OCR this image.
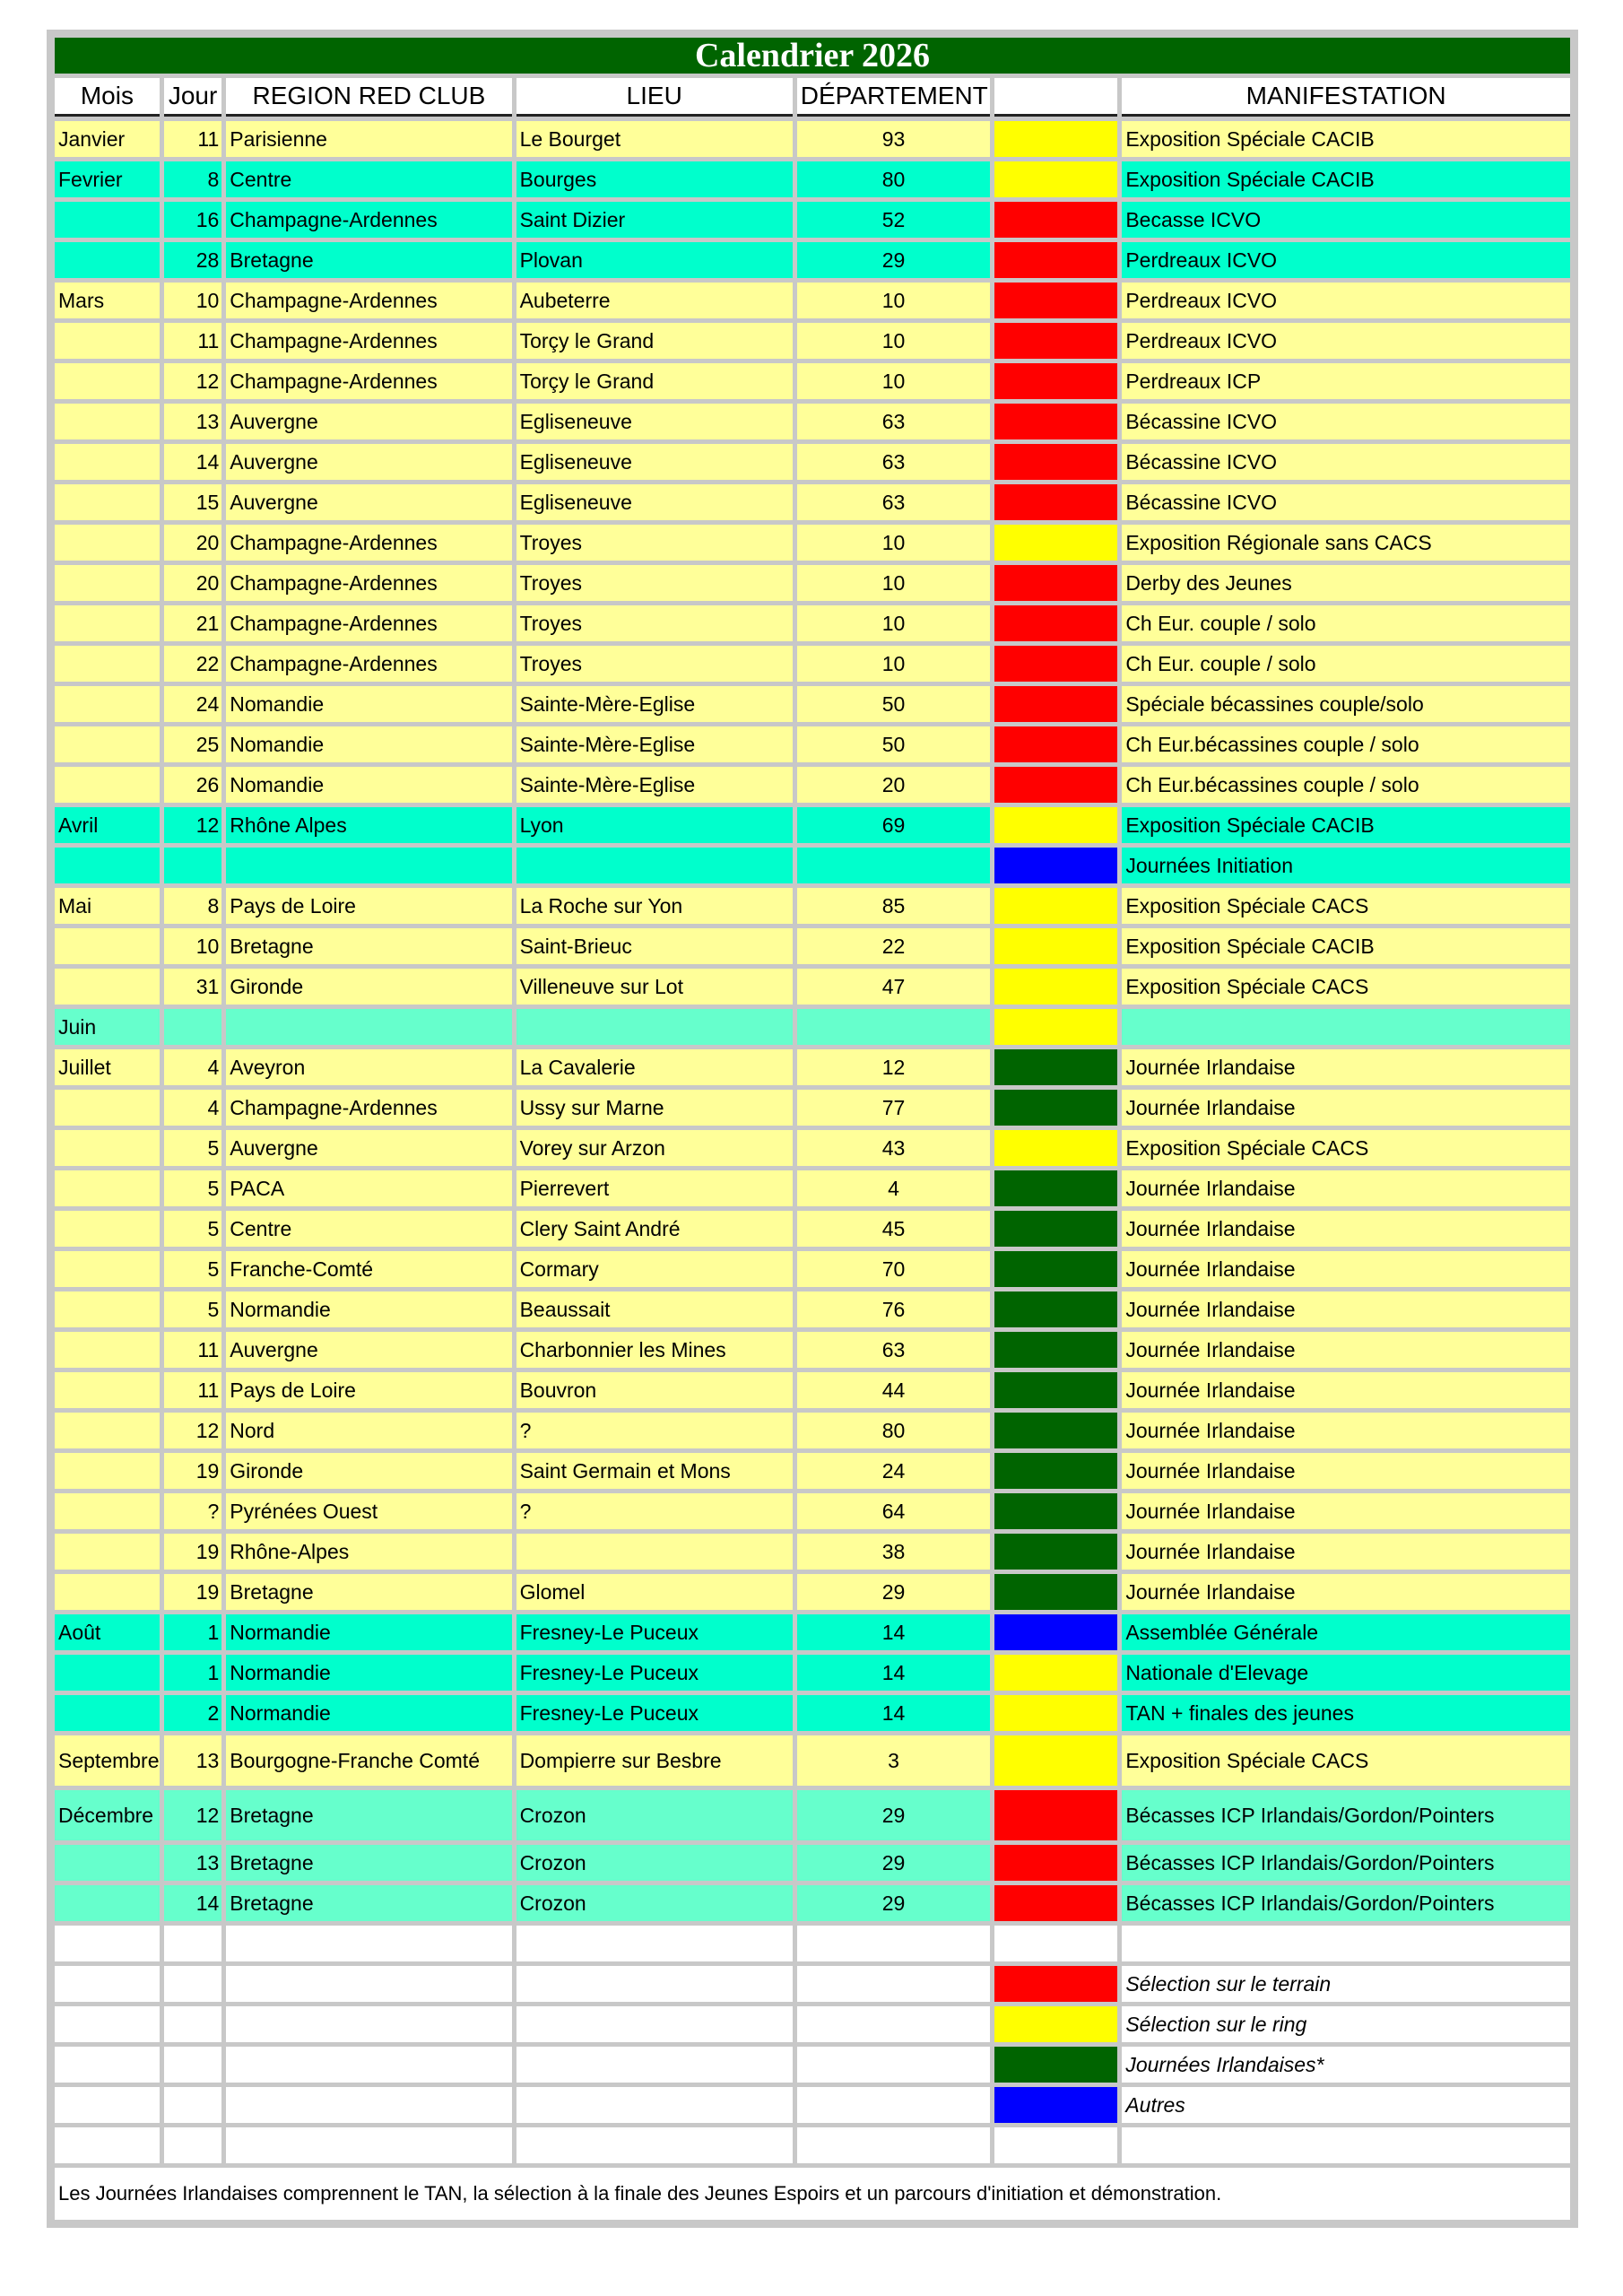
Calendrier 2026						
Mois	Jour	REGION RED CLUB	LIEU	DÉPARTEMENT		MANIFESTATION
Janvier	11	Parisienne	Le Bourget	93		Exposition Spéciale CACIB
Fevrier	8	Centre	Bourges	80		Exposition Spéciale CACIB
	16	Champagne-Ardennes	Saint Dizier	52		Becasse ICVO
	28	Bretagne	Plovan	29		Perdreaux ICVO
Mars	10	Champagne-Ardennes	Aubeterre	10		Perdreaux ICVO
	11	Champagne-Ardennes	Torçy le Grand	10		Perdreaux ICVO
	12	Champagne-Ardennes	Torçy le Grand	10		Perdreaux ICP
	13	Auvergne	Egliseneuve	63		Bécassine ICVO
	14	Auvergne	Egliseneuve	63		Bécassine ICVO
	15	Auvergne	Egliseneuve	63		Bécassine ICVO
	20	Champagne-Ardennes	Troyes	10		Exposition Régionale sans CACS
	20	Champagne-Ardennes	Troyes	10		Derby des Jeunes
	21	Champagne-Ardennes	Troyes	10		Ch Eur. couple / solo
	22	Champagne-Ardennes	Troyes	10		Ch Eur. couple / solo
	24	Nomandie	Sainte-Mère-Eglise	50		Spéciale bécassines couple/solo
	25	Nomandie	Sainte-Mère-Eglise	50		Ch Eur.bécassines couple / solo
	26	Nomandie	Sainte-Mère-Eglise	20		Ch Eur.bécassines couple / solo
Avril	12	Rhône Alpes	Lyon	69		Exposition Spéciale CACIB
						Journées Initiation
Mai	8	Pays de Loire	La Roche sur Yon	85		Exposition Spéciale CACS
	10	Bretagne	Saint-Brieuc	22		Exposition Spéciale CACIB
	31	Gironde	Villeneuve sur Lot	47		Exposition Spéciale CACS
Juin						
Juillet	4	Aveyron	La Cavalerie	12		Journée Irlandaise
	4	Champagne-Ardennes	Ussy sur Marne	77		Journée Irlandaise
	5	Auvergne	Vorey sur Arzon	43		Exposition Spéciale CACS
	5	PACA	Pierrevert	4		Journée Irlandaise
	5	Centre	Clery Saint André	45		Journée Irlandaise
	5	Franche-Comté	Cormary	70		Journée Irlandaise
	5	Normandie	Beaussait	76		Journée Irlandaise
	11	Auvergne	Charbonnier les Mines	63		Journée Irlandaise
	11	Pays de Loire	Bouvron	44		Journée Irlandaise
	12	Nord	?	80		Journée Irlandaise
	19	Gironde	Saint Germain et Mons	24		Journée Irlandaise
	?	Pyrénées Ouest	?	64		Journée Irlandaise
	19	Rhône-Alpes		38		Journée Irlandaise
	19	Bretagne	Glomel	29		Journée Irlandaise
Août	1	Normandie	Fresney-Le Puceux	14		Assemblée Générale
	1	Normandie	Fresney-Le Puceux	14		Nationale d'Elevage
	2	Normandie	Fresney-Le Puceux	14		TAN + finales des jeunes
Septembre	13	Bourgogne-Franche Comté	Dompierre sur Besbre	3		Exposition Spéciale CACS
Décembre	12	Bretagne	Crozon	29		Bécasses ICP Irlandais/Gordon/Pointers
	13	Bretagne	Crozon	29		Bécasses ICP Irlandais/Gordon/Pointers
	14	Bretagne	Crozon	29		Bécasses ICP Irlandais/Gordon/Pointers

						Sélection sur le terrain
						Sélection sur le ring
						Journées Irlandaises*
						Autres

Les Journées Irlandaises comprennent le TAN, la sélection à la finale des Jeunes Espoirs et un parcours d'initiation et démonstration.						
